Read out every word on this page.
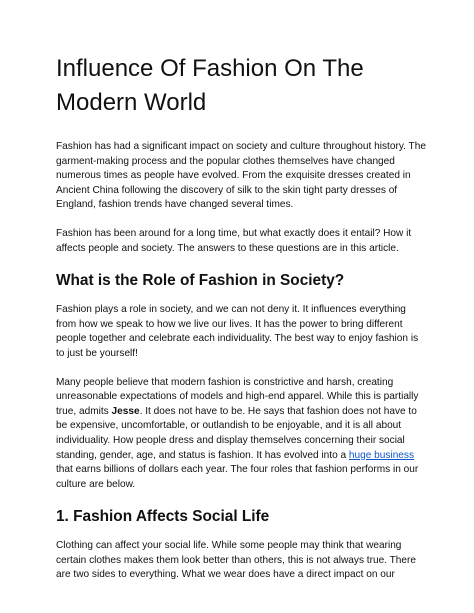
Influence Of Fashion On The Modern World

Fashion has had a significant impact on society and culture throughout history. The garment-making process and the popular clothes themselves have changed numerous times as people have evolved. From the exquisite dresses created in Ancient China following the discovery of silk to the skin tight party dresses of England, fashion trends have changed several times.

Fashion has been around for a long time, but what exactly does it entail? How it affects people and society. The answers to these questions are in this article.

What is the Role of Fashion in Society?

Fashion plays a role in society, and we can not deny it. It influences everything from how we speak to how we live our lives. It has the power to bring different people together and celebrate each individuality. The best way to enjoy fashion is to just be yourself!

Many people believe that modern fashion is constrictive and harsh, creating unreasonable expectations of models and high-end apparel. While this is partially true, admits Jesse. It does not have to be. He says that fashion does not have to be expensive, uncomfortable, or outlandish to be enjoyable, and it is all about individuality. How people dress and display themselves concerning their social standing, gender, age, and status is fashion. It has evolved into a huge business that earns billions of dollars each year. The four roles that fashion performs in our culture are below.

1. Fashion Affects Social Life

Clothing can affect your social life. While some people may think that wearing certain clothes makes them look better than others, this is not always true. There are two sides to everything. What we wear does have a direct impact on our
